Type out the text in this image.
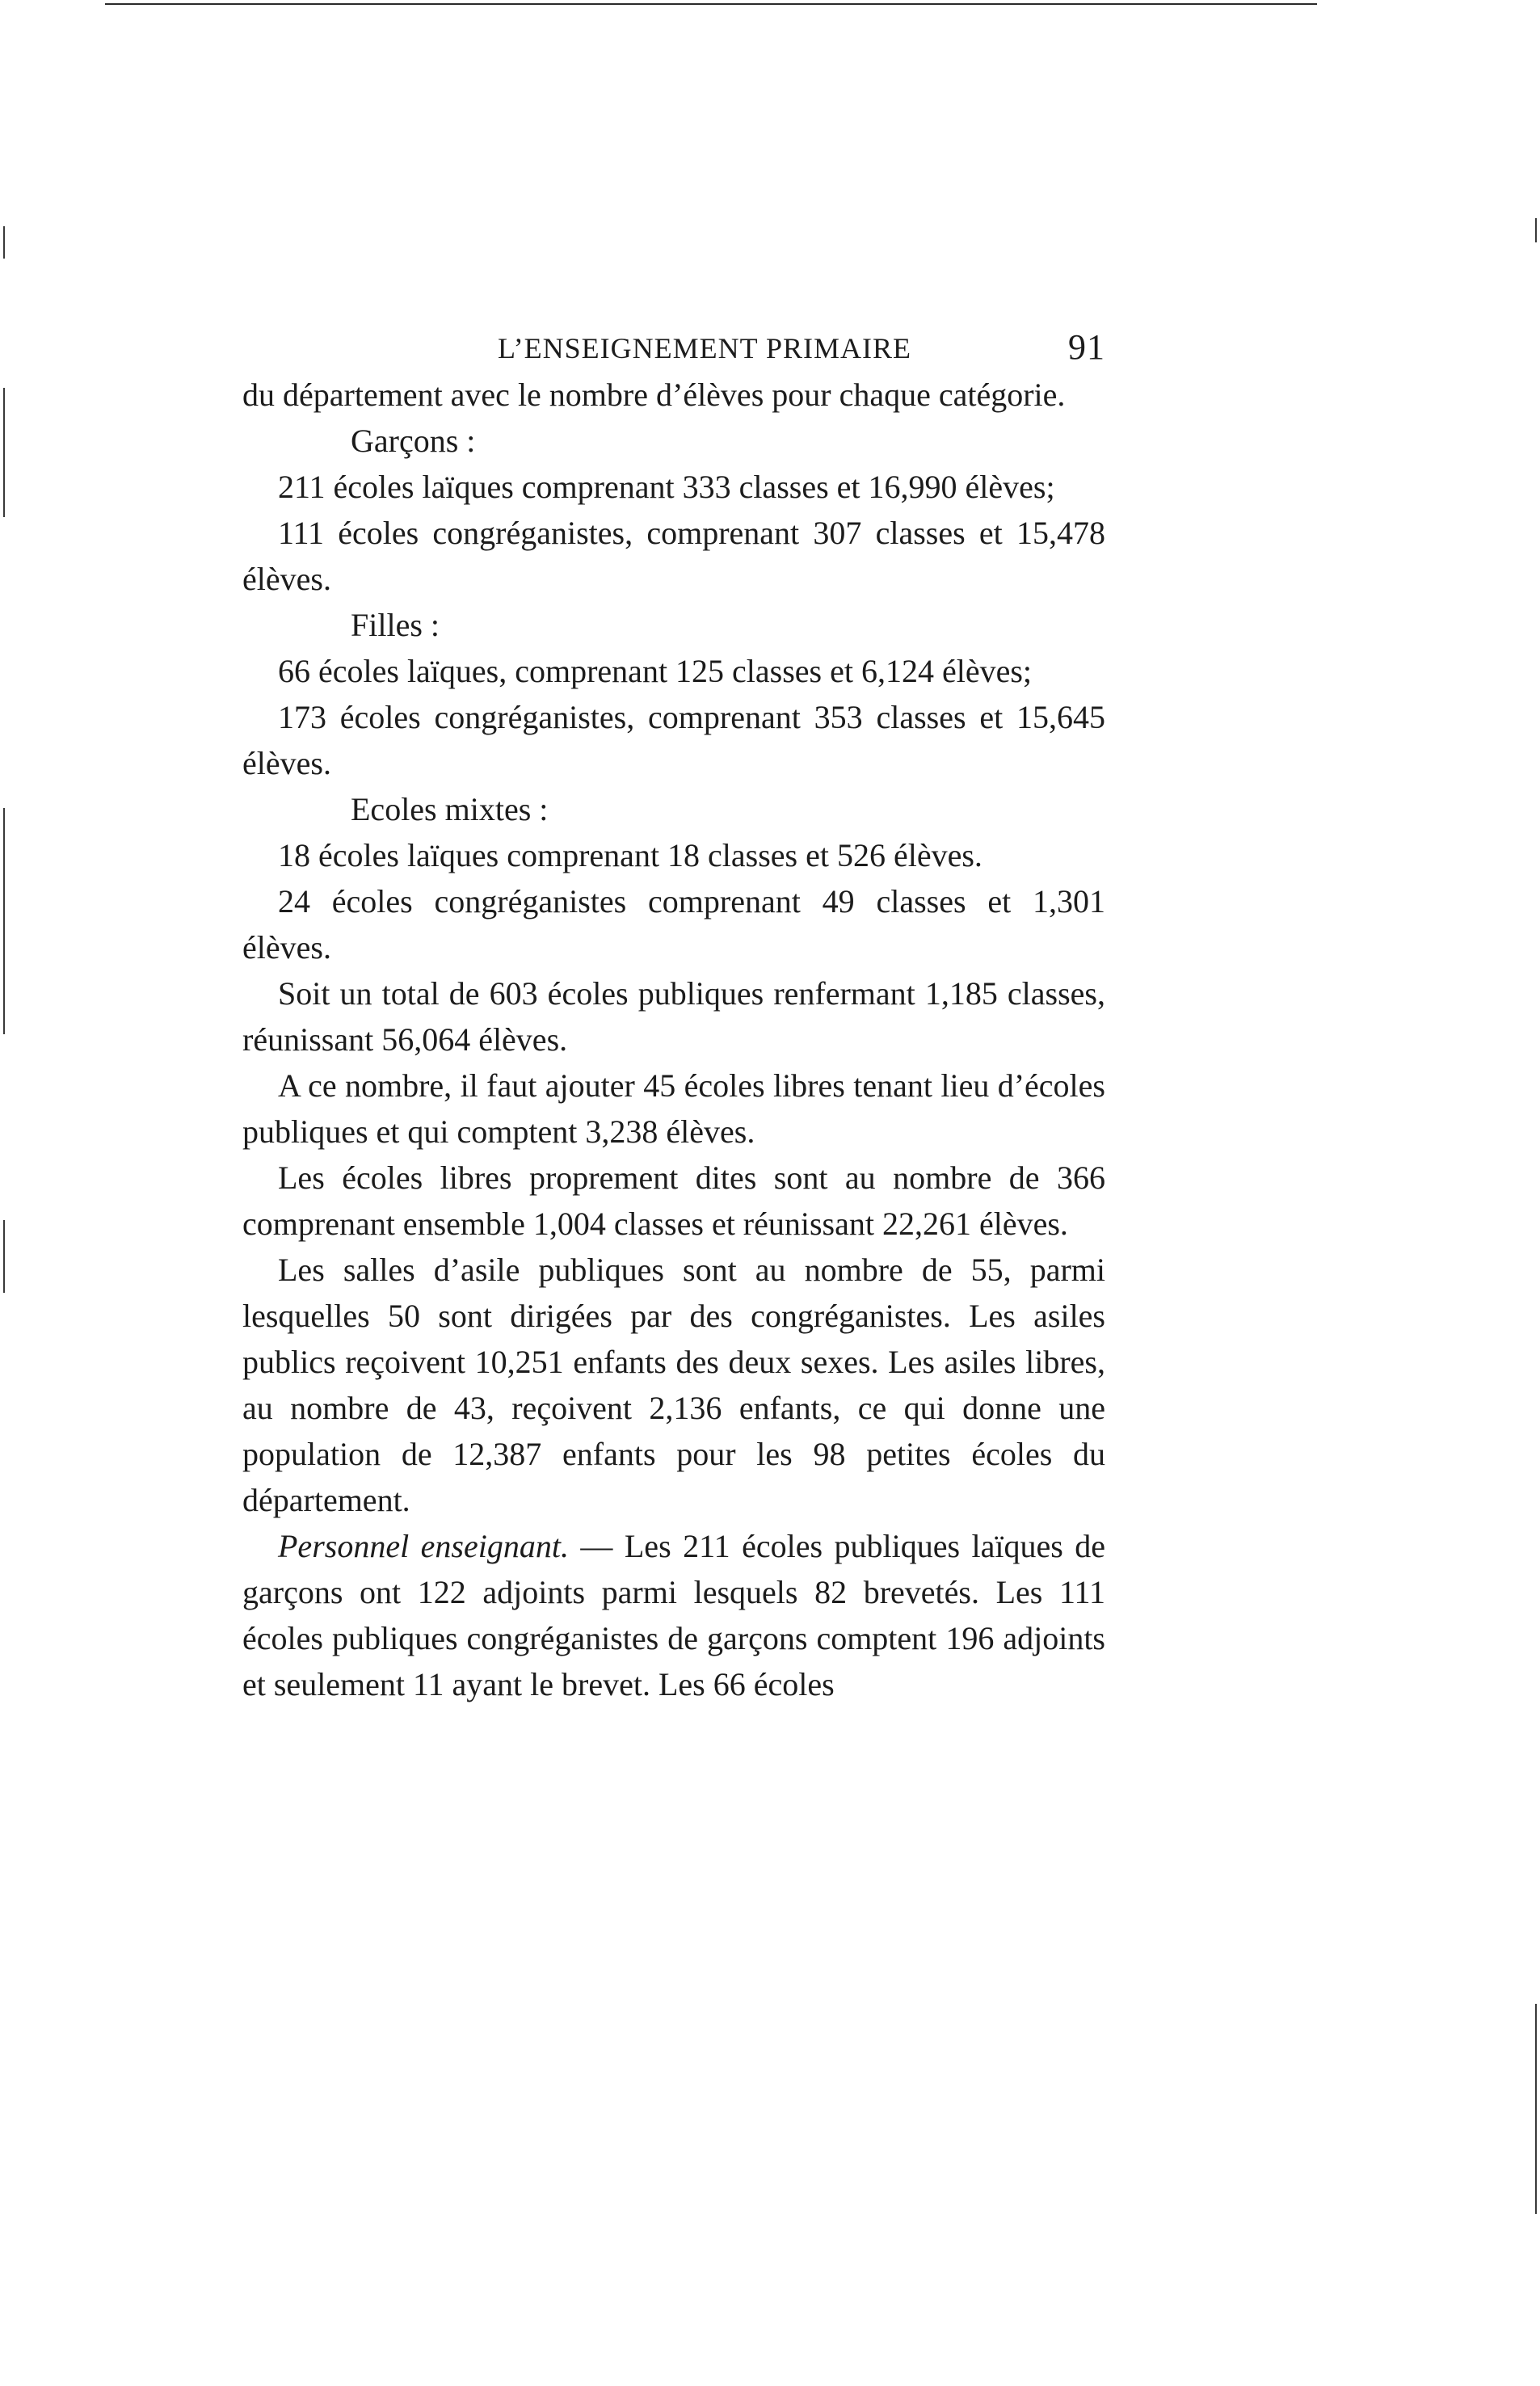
L’ENSEIGNEMENT PRIMAIRE	91

du département avec le nombre d’élèves pour chaque catégorie.

Garçons :

211 écoles laïques comprenant 333 classes et 16,990 élèves;

111 écoles congréganistes, comprenant 307 classes et 15,478 élèves.

Filles :

66 écoles laïques, comprenant 125 classes et 6,124 élèves;

173 écoles congréganistes, comprenant 353 classes et 15,645 élèves.

Ecoles mixtes :

18 écoles laïques comprenant 18 classes et 526 élèves.

24 écoles congréganistes comprenant 49 classes et 1,301 élèves.

Soit un total de 603 écoles publiques renfermant 1,185 classes, réunissant 56,064 élèves.

A ce nombre, il faut ajouter 45 écoles libres tenant lieu d’écoles publiques et qui comptent 3,238 élèves.

Les écoles libres proprement dites sont au nombre de 366 comprenant ensemble 1,004 classes et réunissant 22,261 élèves.

Les salles d’asile publiques sont au nombre de 55, parmi lesquelles 50 sont dirigées par des congréganistes. Les asiles publics reçoivent 10,251 enfants des deux sexes. Les asiles libres, au nombre de 43, reçoivent 2,136 enfants, ce qui donne une population de 12,387 enfants pour les 98 petites écoles du département.

Personnel enseignant. — Les 211 écoles publiques laïques de garçons ont 122 adjoints parmi lesquels 82 brevetés. Les 111 écoles publiques congréganistes de garçons comptent 196 adjoints et seulement 11 ayant le brevet. Les 66 écoles
